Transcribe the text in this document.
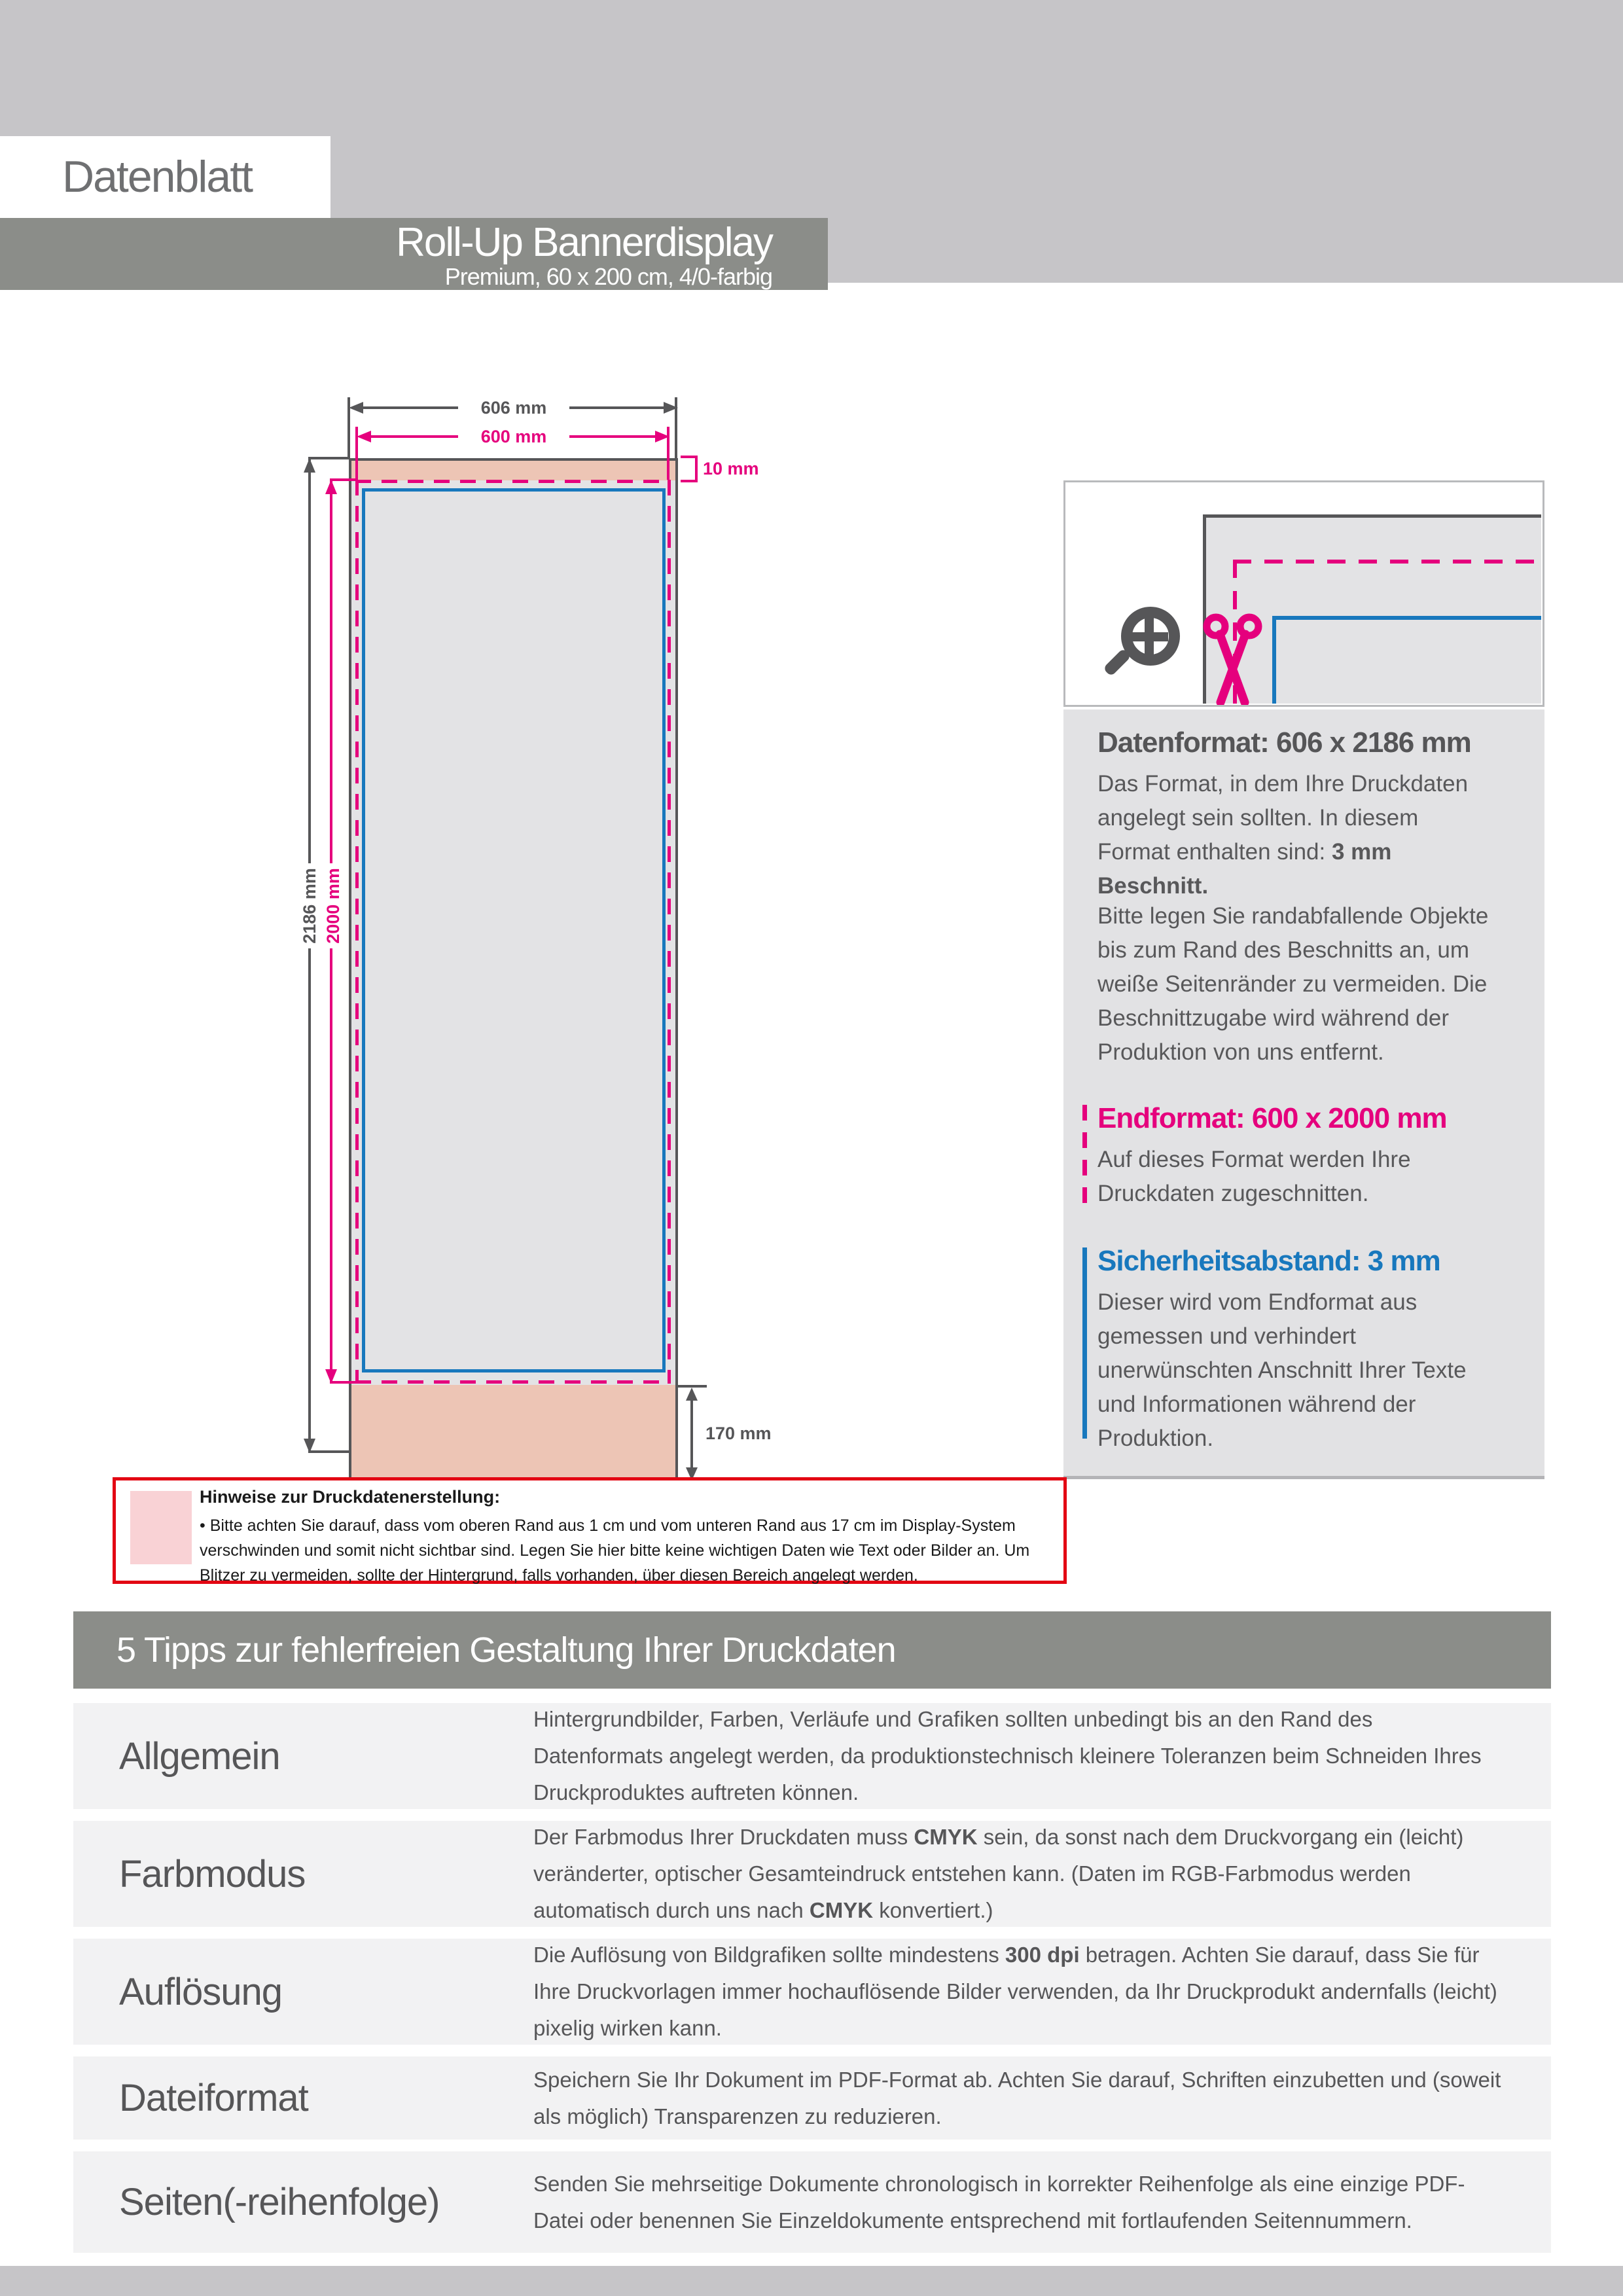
Datenblatt
Roll-Up Bannerdisplay
Premium, 60 x 200 cm, 4/0-farbig
606 mm
600 mm
2186 mm 2000 mm
10 mm
170 mm
Datenformat: 606 x 2186 mm
Das Format, in dem Ihre Druckdaten angelegt sein sollten. In diesem Format enthalten sind: 3 mm Beschnitt.
Bitte legen Sie randabfallende Objekte bis zum Rand des Beschnitts an, um weiße Seitenränder zu vermeiden. Die Beschnittzugabe wird während der Produktion von uns entfernt.
Endformat: 600 x 2000 mm
Auf dieses Format werden Ihre Druckdaten zugeschnitten.
Sicherheitsabstand: 3 mm
Dieser wird vom Endformat aus gemessen und verhindert unerwünschten Anschnitt Ihrer Texte und Informationen während der Produktion.
Hinweise zur Druckdatenerstellung:
• Bitte achten Sie darauf, dass vom oberen Rand aus 1 cm und vom unteren Rand aus 17 cm im Display-System verschwinden und somit nicht sichtbar sind. Legen Sie hier bitte keine wichtigen Daten wie Text oder Bilder an. Um Blitzer zu vermeiden, sollte der Hintergrund, falls vorhanden, über diesen Bereich angelegt werden.
5 Tipps zur fehlerfreien Gestaltung Ihrer Druckdaten
Allgemein
Hintergrundbilder, Farben, Verläufe und Grafiken sollten unbedingt bis an den Rand des Datenformats angelegt werden, da produktionstechnisch kleinere Toleranzen beim Schneiden Ihres Druckproduktes auftreten können.
Farbmodus
Der Farbmodus Ihrer Druckdaten muss CMYK sein, da sonst nach dem Druckvorgang ein (leicht) veränderter, optischer Gesamteindruck entstehen kann. (Daten im RGB-Farbmodus werden automatisch durch uns nach CMYK konvertiert.)
Auflösung
Die Auflösung von Bildgrafiken sollte mindestens 300 dpi betragen. Achten Sie darauf, dass Sie für Ihre Druckvorlagen immer hochauflösende Bilder verwenden, da Ihr Druckprodukt andernfalls (leicht) pixelig wirken kann.
Dateiformat	Speichern Sie Ihr Dokument im PDF-Format ab. Achten Sie darauf, Schriften einzubetten und (soweit als möglich) Transparenzen zu reduzieren.
Seiten(-reihenfolge)	Senden Sie mehrseitige Dokumente chronologisch in korrekter Reihenfolge als eine einzige PDF-Datei oder benennen Sie Einzeldokumente entsprechend mit fortlaufenden Seitennummern.
